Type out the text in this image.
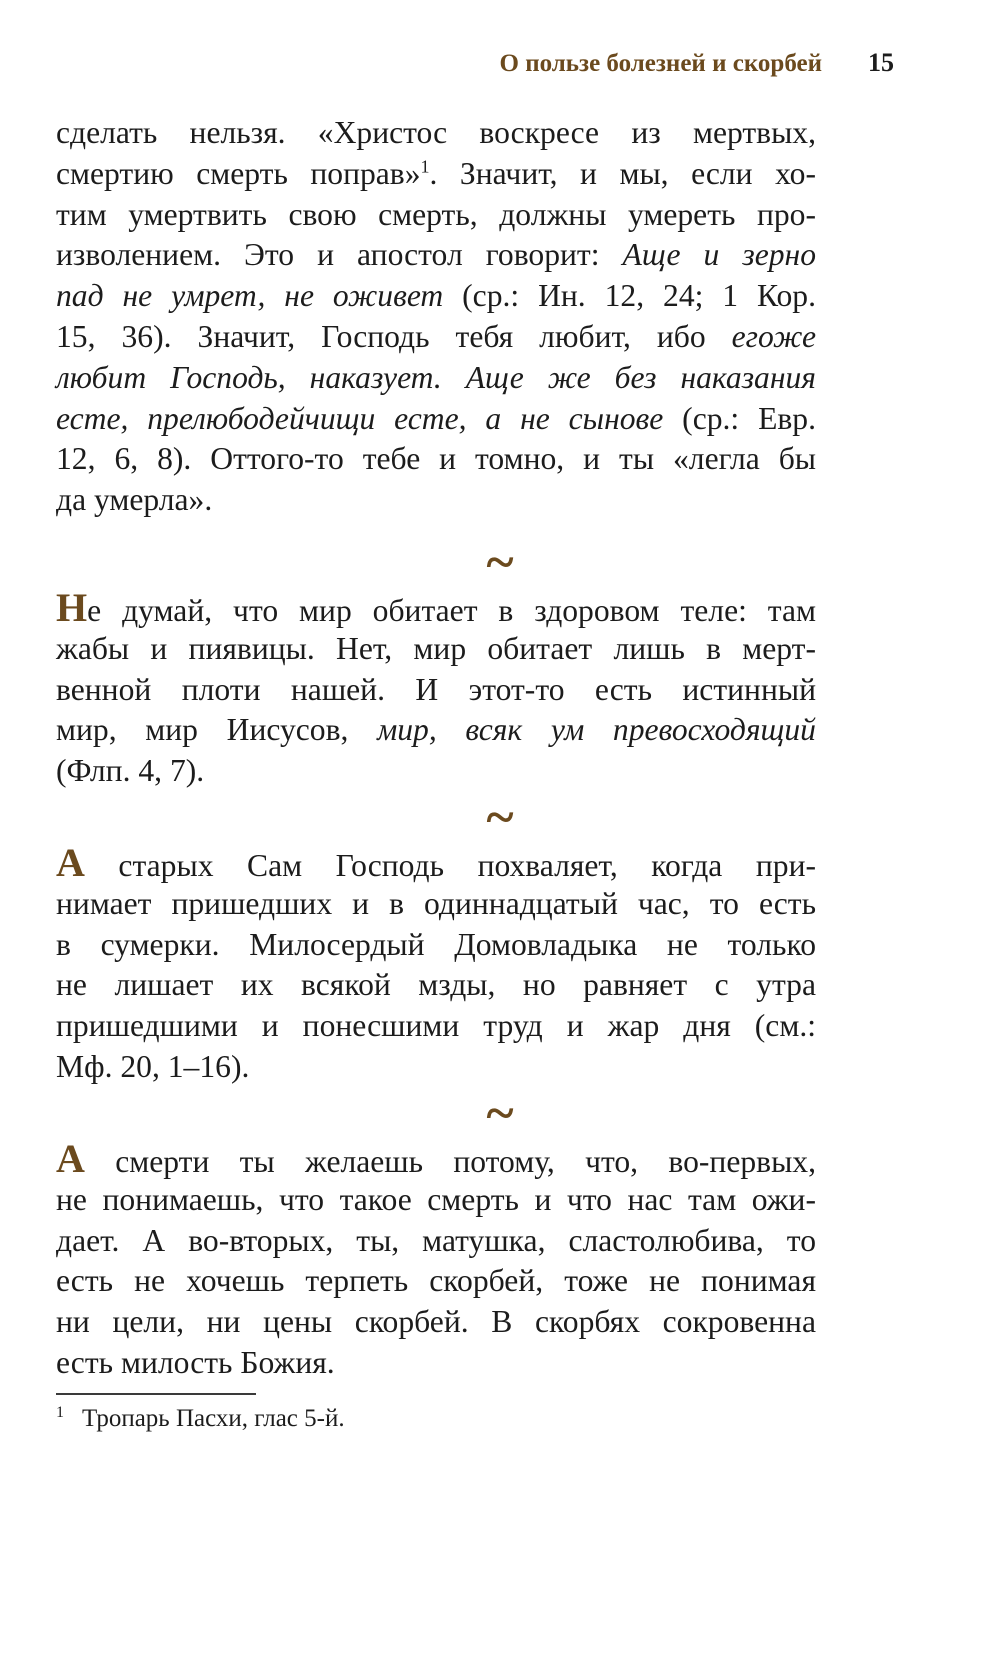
О пользе болезней и скорбей 15
сделать нельзя. «Христос воскресе из мертвых,
смертию смерть поправ»$^1$. Значит, и мы, если хо-
тим умертвить свою смерть, должны умереть про-
изволением. Это и апостол говорит: Аще и зерно
пад не умрет, не оживет (ср.: Ин. 12, 24; 1 Кор.
15, 36). Значит, Господь тебя любит, ибо егоже
любит Господь, наказует. Аще же без наказания
есте, прелюбодейчищи есте, а не сынове (ср.: Евр.
12, 6, 8). Оттого-то тебе и томно, и ты «легла бы
да умерла».
~
Не думай, что мир обитает в здоровом теле: там
жабы и пиявицы. Нет, мир обитает лишь в мерт-
венной плоти нашей. И этот-то есть истинный
мир, мир Иисусов, мир, всяк ум превосходящий
(Флп. 4, 7).
~
А старых Сам Господь похваляет, когда при-
нимает пришедших и в одиннадцатый час, то есть
в сумерки. Милосердый Домовладыка не только
не лишает их всякой мзды, но равняет с утра
пришедшими и понесшими труд и жар дня (см.:
Мф. 20, 1–16).
~
А смерти ты желаешь потому, что, во-первых,
не понимаешь, что такое смерть и что нас там ожи-
дает. А во-вторых, ты, матушка, сластолюбива, то
есть не хочешь терпеть скорбей, тоже не понимая
ни цели, ни цены скорбей. В скорбях сокровенна
есть милость Божия.
$^1$ Тропарь Пасхи, глас 5-й.
